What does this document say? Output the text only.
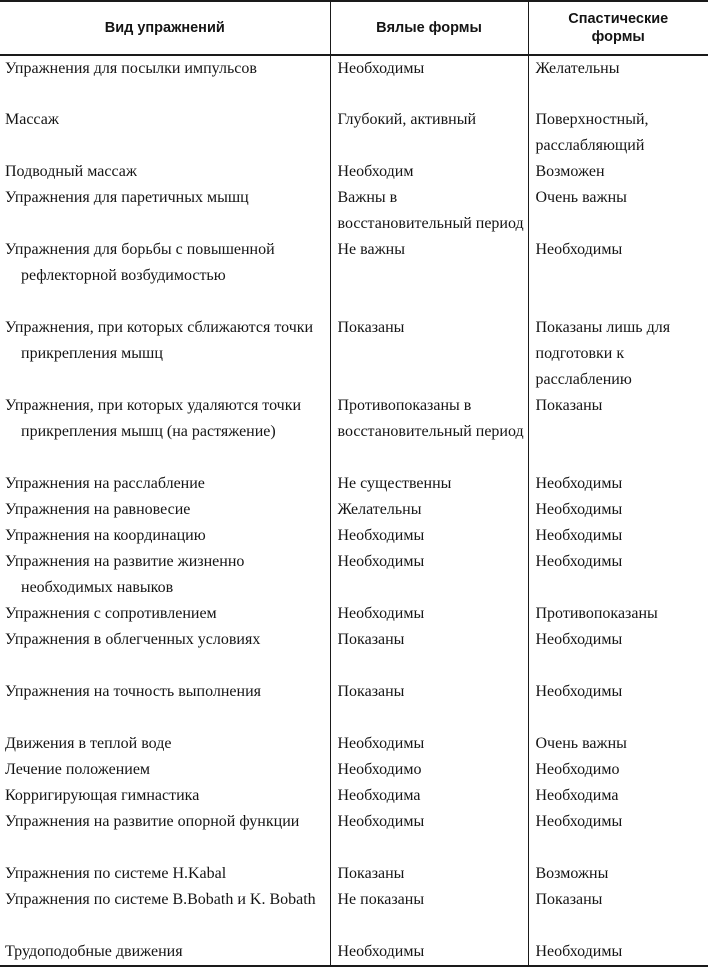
Вид упражнений	Вялые формы	Спастические формы

Упражнения для посылки импульсов	Необходимы	Желательны

Массаж	Глубокий, активный	Поверхностный, расслабляющий

Подводный массаж	Необходим	Возможен

Упражнения для паретичных мышц	Важны в восстановительный период	Очень важны

Упражнения для борьбы с повышенной рефлекторной возбудимостью	Не важны	Необходимы

Упражнения, при которых сближаются точки прикрепления мышц	Показаны	Показаны лишь для подготовки к расслаблению

Упражнения, при которых удаляются точки прикрепления мышц (на растяжение)	Противопоказаны в восстановительный период	Показаны

Упражнения на расслабление	Не существенны	Необходимы

Упражнения на равновесие	Желательны	Необходимы

Упражнения на координацию	Необходимы	Необходимы

Упражнения на развитие жизненно необходимых навыков	Необходимы	Необходимы

Упражнения с сопротивлением	Необходимы	Противопоказаны

Упражнения в облегченных условиях	Показаны	Необходимы

Упражнения на точность выполнения	Показаны	Необходимы

Движения в теплой воде	Необходимы	Очень важны

Лечение положением	Необходимо	Необходимо

Корригирующая гимнастика	Необходима	Необходима

Упражнения на развитие опорной функции	Необходимы	Необходимы

Упражнения по системе Н.Kabal	Показаны	Возможны

Упражнения по системе В.Bobath и K. Bobath	Не показаны	Показаны

Трудоподобные движения	Необходимы	Необходимы
